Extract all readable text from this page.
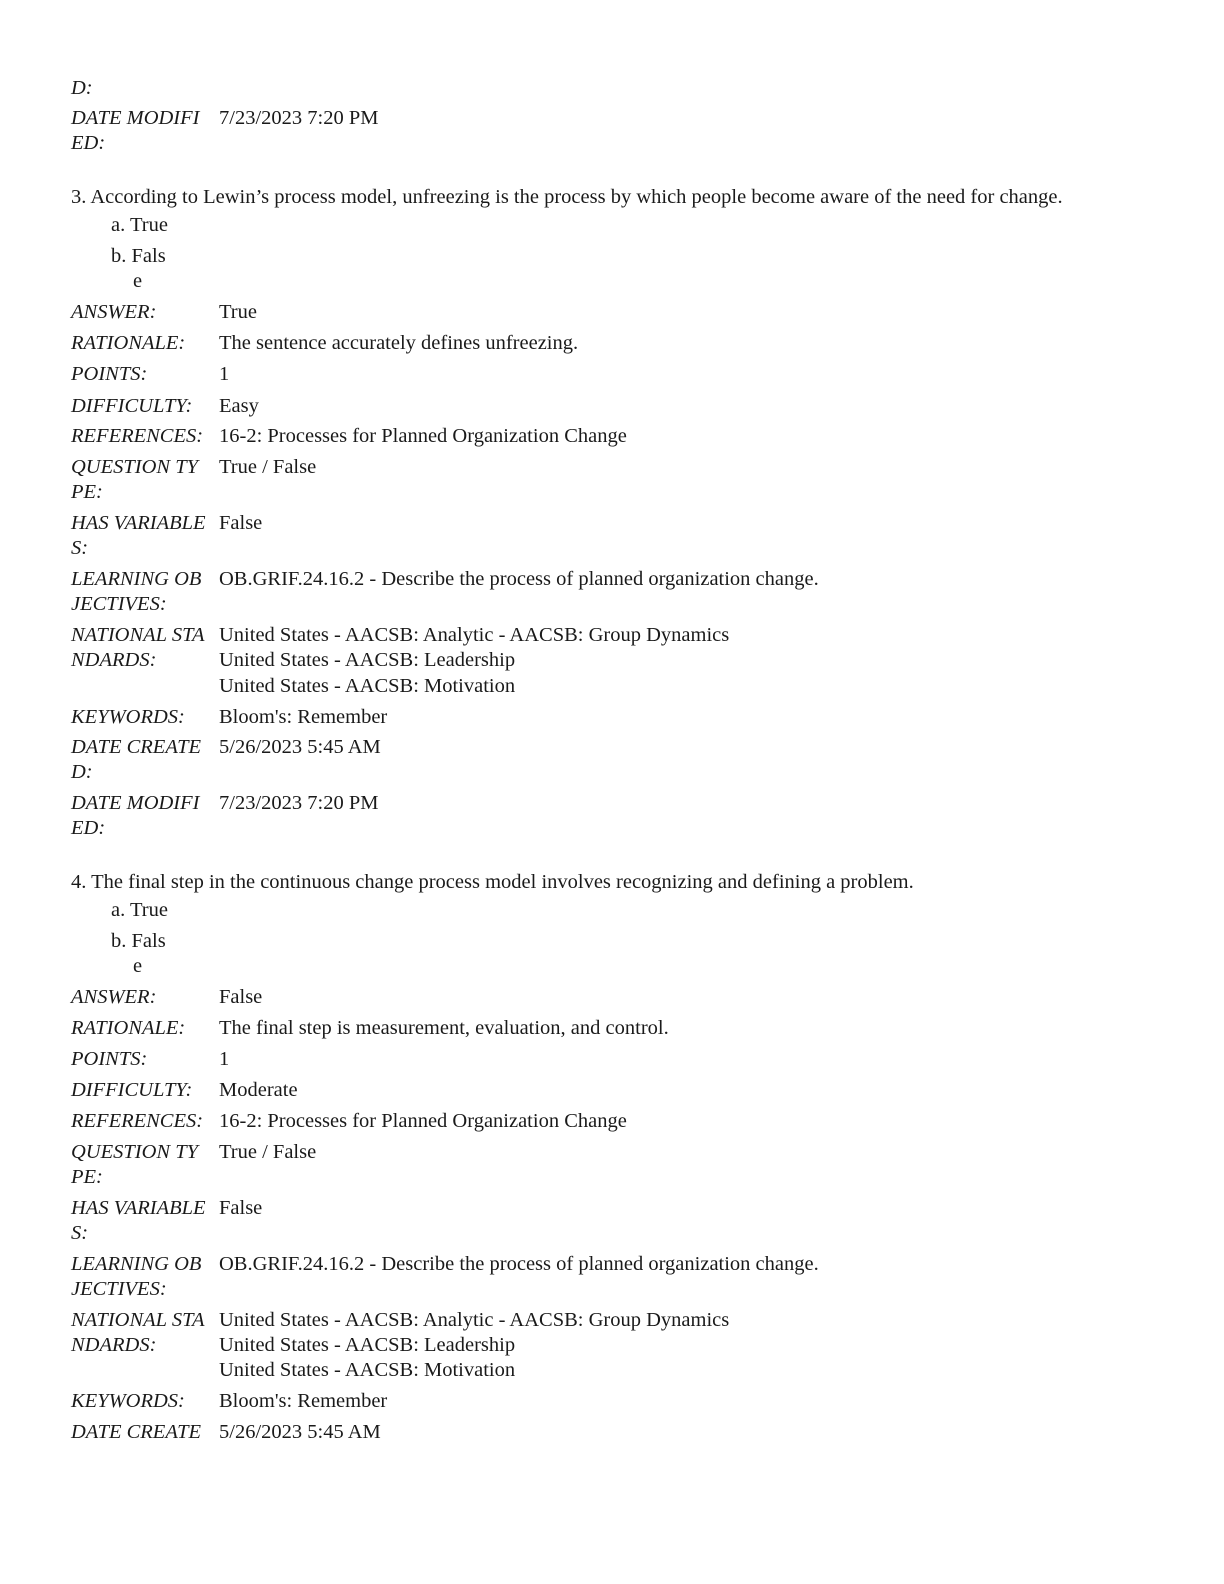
D:
DATE MODIFI 7/23/2023 7:20 PM
ED:
3. According to Lewin’s process model, unfreezing is the process by which people become aware of the need for change.
a. True
b. Fals
e
ANSWER:	True
RATIONALE: The sentence accurately defines unfreezing.
POINTS:	1
DIFFICULTY: Easy
REFERENCES: 16-2: Processes for Planned Organization Change
QUESTION TY True / False
PE:
HAS VARIABLE False
S:
LEARNING OB OB.GRIF.24.16.2 - Describe the process of planned organization change.
JECTIVES:
NATIONAL STA United States - AACSB: Analytic - AACSB: Group Dynamics
NDARDS:	United States - AACSB: Leadership
United States - AACSB: Motivation
KEYWORDS: Bloom's: Remember
DATE CREATE 5/26/2023 5:45 AM
D:
DATE MODIFI 7/23/2023 7:20 PM
ED:
4. The final step in the continuous change process model involves recognizing and defining a problem.
a. True
b. Fals
e
ANSWER:	False
RATIONALE: The final step is measurement, evaluation, and control.
POINTS:	1
DIFFICULTY: Moderate
REFERENCES: 16-2: Processes for Planned Organization Change
QUESTION TY True / False
PE:
HAS VARIABLE False
S:
LEARNING OB OB.GRIF.24.16.2 - Describe the process of planned organization change.
JECTIVES:
NATIONAL STA United States - AACSB: Analytic - AACSB: Group Dynamics
NDARDS:	United States - AACSB: Leadership
United States - AACSB: Motivation
KEYWORDS: Bloom's: Remember
DATE CREATE 5/26/2023 5:45 AM
